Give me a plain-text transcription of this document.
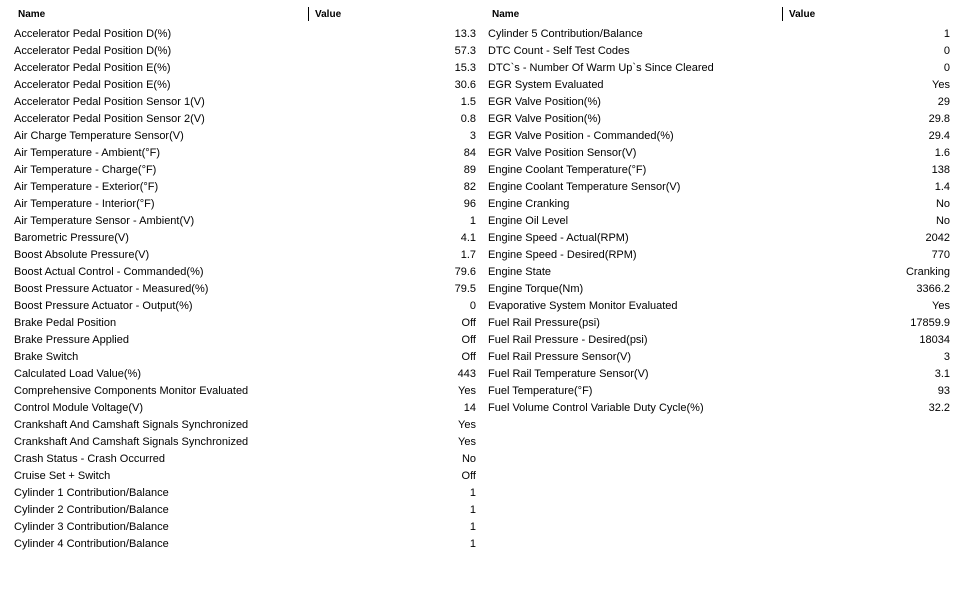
Name	Value
Accelerator Pedal Position D(%)	13.3
Accelerator Pedal Position D(%)	57.3
Accelerator Pedal Position E(%)	15.3
Accelerator Pedal Position E(%)	30.6
Accelerator Pedal Position Sensor 1(V)	1.5
Accelerator Pedal Position Sensor 2(V)	0.8
Air Charge Temperature Sensor(V)	3
Air Temperature - Ambient(°F)	84
Air Temperature - Charge(°F)	89
Air Temperature - Exterior(°F)	82
Air Temperature - Interior(°F)	96
Air Temperature Sensor - Ambient(V)	1
Barometric Pressure(V)	4.1
Boost Absolute Pressure(V)	1.7
Boost Actual Control - Commanded(%)	79.6
Boost Pressure Actuator - Measured(%)	79.5
Boost Pressure Actuator - Output(%)	0
Brake Pedal Position	Off
Brake Pressure Applied	Off
Brake Switch	Off
Calculated Load Value(%)	443
Comprehensive Components Monitor Evaluated	Yes
Control Module Voltage(V)	14
Crankshaft And Camshaft Signals Synchronized	Yes
Crankshaft And Camshaft Signals Synchronized	Yes
Crash Status - Crash Occurred	No
Cruise Set + Switch	Off
Cylinder 1 Contribution/Balance	1
Cylinder 2 Contribution/Balance	1
Cylinder 3 Contribution/Balance	1
Cylinder 4 Contribution/Balance	1
Name	Value
Cylinder 5 Contribution/Balance	1
DTC Count - Self Test Codes	0
DTC`s - Number Of Warm Up`s Since Cleared	0
EGR System Evaluated	Yes
EGR Valve Position(%)	29
EGR Valve Position(%)	29.8
EGR Valve Position - Commanded(%)	29.4
EGR Valve Position Sensor(V)	1.6
Engine Coolant Temperature(°F)	138
Engine Coolant Temperature Sensor(V)	1.4
Engine Cranking	No
Engine Oil Level	No
Engine Speed - Actual(RPM)	2042
Engine Speed - Desired(RPM)	770
Engine State	Cranking
Engine Torque(Nm)	3366.2
Evaporative System Monitor Evaluated	Yes
Fuel Rail Pressure(psi)	17859.9
Fuel Rail Pressure - Desired(psi)	18034
Fuel Rail Pressure Sensor(V)	3
Fuel Rail Temperature Sensor(V)	3.1
Fuel Temperature(°F)	93
Fuel Volume Control Variable Duty Cycle(%)	32.2
